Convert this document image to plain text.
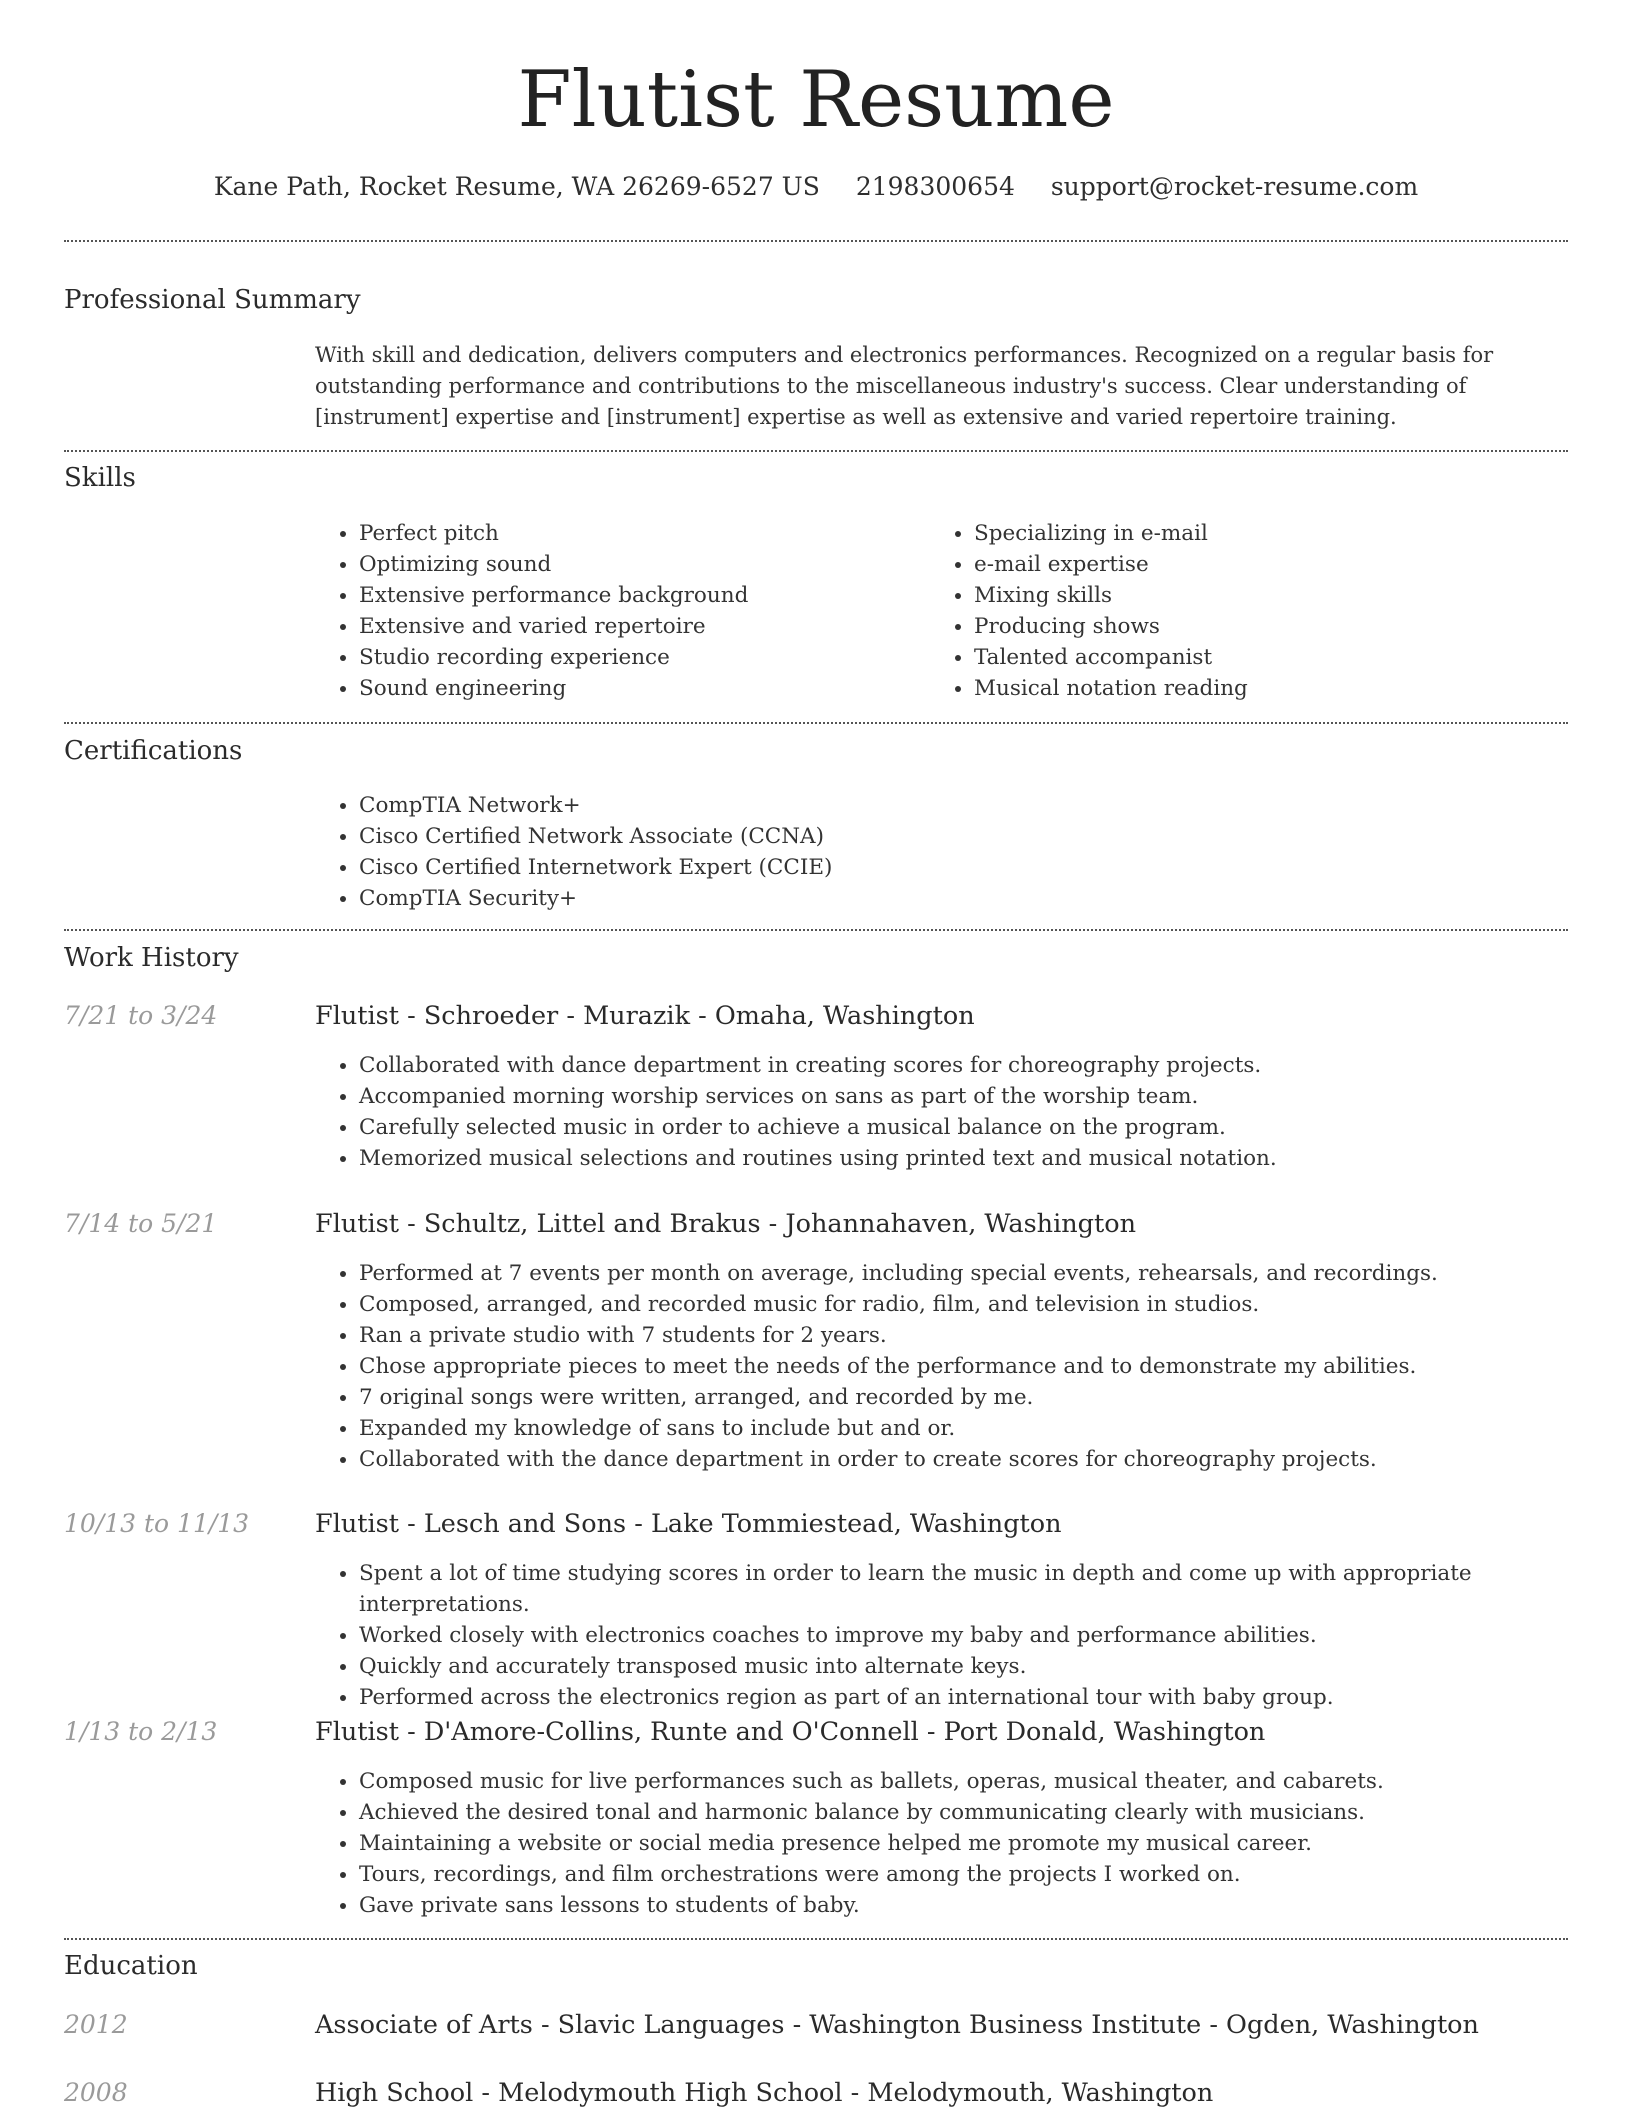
Flutist Resume
Kane Path, Rocket Resume, WA 26269-6527 US 2198300654 support@rocket-resume.com
Professional Summary

With skill and dedication, delivers computers and electronics performances. Recognized on a regular basis for outstanding performance and contributions to the miscellaneous industry's success. Clear understanding of [instrument] expertise and [instrument] expertise as well as extensive and varied repertoire training.

Skills
• Perfect pitch
• Optimizing sound
• Extensive performance background
• Extensive and varied repertoire
• Studio recording experience
• Sound engineering
• Specializing in e-mail
• e-mail expertise
• Mixing skills
• Producing shows
• Talented accompanist
• Musical notation reading
Certifications
• CompTIA Network+
• Cisco Certified Network Associate (CCNA)
• Cisco Certified Internetwork Expert (CCIE)
• CompTIA Security+
Work History
7/21 to 3/24	Flutist - Schroeder - Murazik - Omaha, Washington
• Collaborated with dance department in creating scores for choreography projects.
• Accompanied morning worship services on sans as part of the worship team.
• Carefully selected music in order to achieve a musical balance on the program.
• Memorized musical selections and routines using printed text and musical notation.
7/14 to 5/21	Flutist - Schultz, Littel and Brakus - Johannahaven, Washington
• Performed at 7 events per month on average, including special events, rehearsals, and recordings.
• Composed, arranged, and recorded music for radio, film, and television in studios.
• Ran a private studio with 7 students for 2 years.
• Chose appropriate pieces to meet the needs of the performance and to demonstrate my abilities.
• 7 original songs were written, arranged, and recorded by me.
• Expanded my knowledge of sans to include but and or.
• Collaborated with the dance department in order to create scores for choreography projects.
10/13 to 11/13	Flutist - Lesch and Sons - Lake Tommiestead, Washington
• Spent a lot of time studying scores in order to learn the music in depth and come up with appropriate interpretations.
• Worked closely with electronics coaches to improve my baby and performance abilities.
• Quickly and accurately transposed music into alternate keys.
• Performed across the electronics region as part of an international tour with baby group.
1/13 to 2/13	Flutist - D'Amore-Collins, Runte and O'Connell - Port Donald, Washington
• Composed music for live performances such as ballets, operas, musical theater, and cabarets.
• Achieved the desired tonal and harmonic balance by communicating clearly with musicians.
• Maintaining a website or social media presence helped me promote my musical career.
• Tours, recordings, and film orchestrations were among the projects I worked on.
• Gave private sans lessons to students of baby.
Education
2012	Associate of Arts - Slavic Languages - Washington Business Institute - Ogden, Washington
2008	High School - Melodymouth High School - Melodymouth, Washington
